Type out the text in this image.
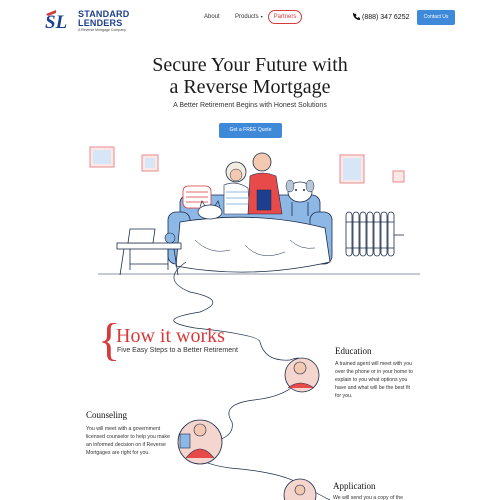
SL STANDARD
LENDERS
A Reverse Mortgage Company
About	Products ▾	Partners	(888) 347 6252	Contact Us
Secure Your Future with
a Reverse Mortgage
A Better Retirement Begins with Honest Solutions
Get a FREE Quote
{
How it works
Five Easy Steps to a Better Retirement	Education
A trained agent will meet with you over the phone or in your home to explain to you what options you have and what will be the best fit for you.
Counseling
You will meet with a government licensed counselor to help you make an informed decision on if Reverse Mortgages are right for you.
Application
We will send you a copy of the
